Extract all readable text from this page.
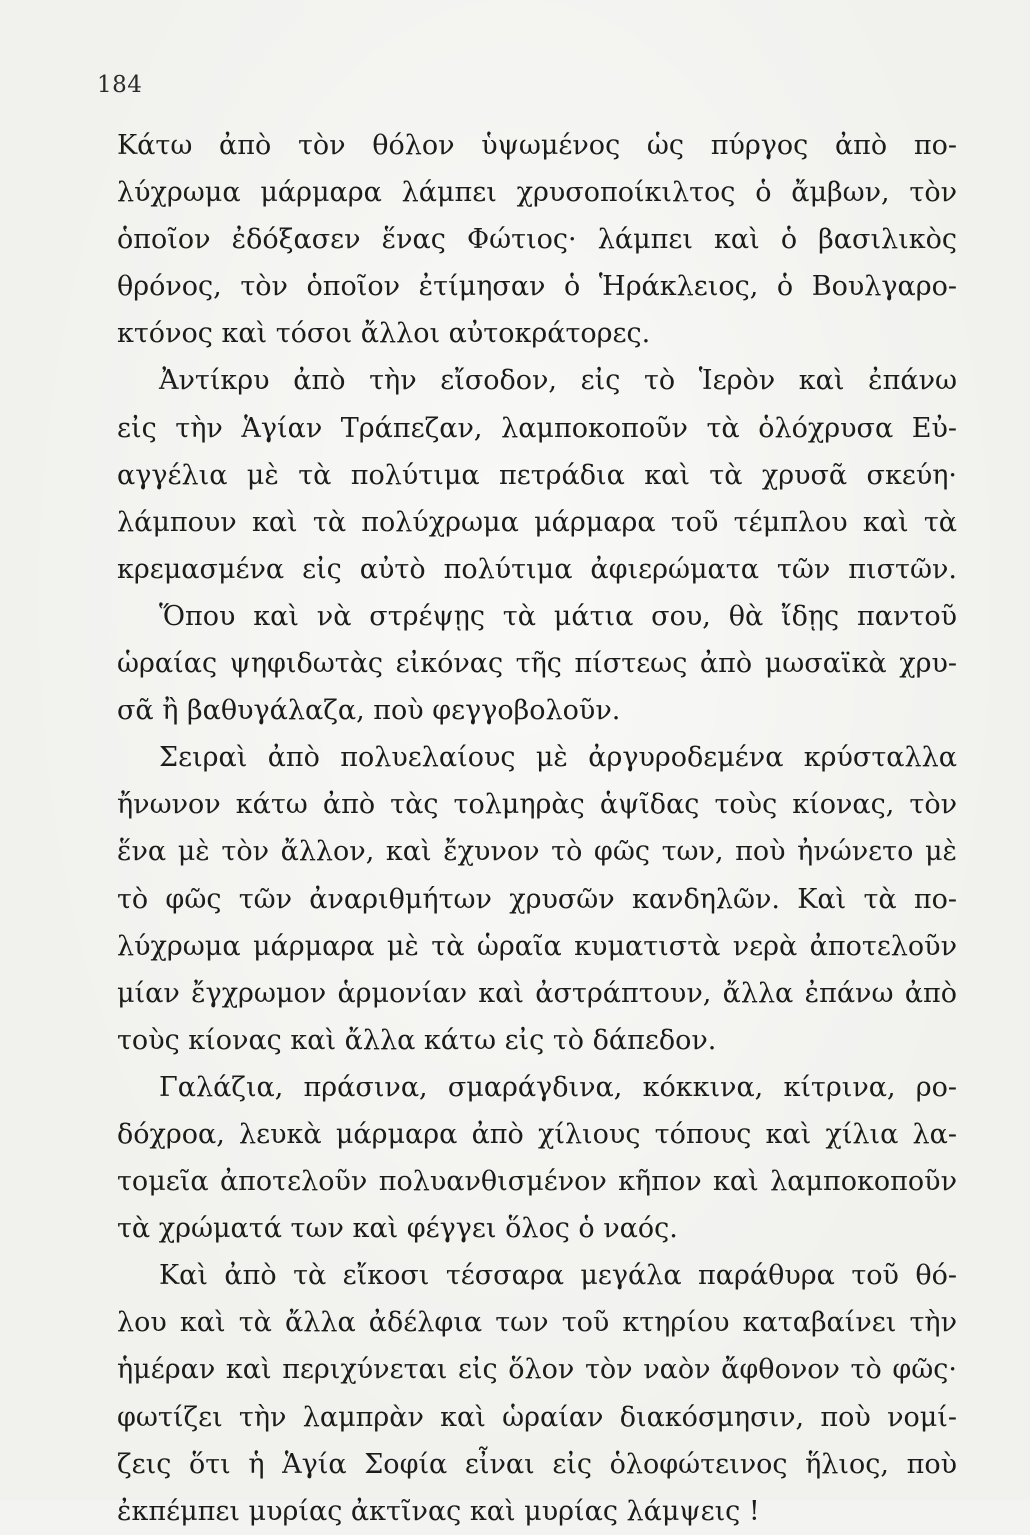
184
Κάτω ἀπὸ τὸν θόλον ὑψωμένος ὡς πύργος ἀπὸ πο-
λύχρωμα μάρμαρα λάμπει χρυσοποίκιλτος ὁ ἄμβων, τὸν
ὁποῖον ἐδόξασεν ἕνας Φώτιος· λάμπει καὶ ὁ βασιλικὸς
θρόνος, τὸν ὁποῖον ἐτίμησαν ὁ Ἡράκλειος, ὁ Βουλγαρο-
κτόνος καὶ τόσοι ἄλλοι αὐτοκράτορες.
Ἀντίκρυ ἀπὸ τὴν εἴσοδον, εἰς τὸ Ἱερὸν καὶ ἐπάνω
εἰς τὴν Ἁγίαν Τράπεζαν, λαμποκοποῦν τὰ ὁλόχρυσα Εὐ-
αγγέλια μὲ τὰ πολύτιμα πετράδια καὶ τὰ χρυσᾶ σκεύη·
λάμπουν καὶ τὰ πολύχρωμα μάρμαρα τοῦ τέμπλου καὶ τὰ
κρεμασμένα εἰς αὐτὸ πολύτιμα ἀφιερώματα τῶν πιστῶν.
Ὅπου καὶ νὰ στρέψῃς τὰ μάτια σου, θὰ ἴδῃς παντοῦ
ὡραίας ψηφιδωτὰς εἰκόνας τῆς πίστεως ἀπὸ μωσαϊκὰ χρυ-
σᾶ ἢ βαθυγάλαζα, ποὺ φεγγοβολοῦν.
Σειραὶ ἀπὸ πολυελαίους μὲ ἀργυροδεμένα κρύσταλλα
ἤνωνον κάτω ἀπὸ τὰς τολμηρὰς ἁψῖδας τοὺς κίονας, τὸν
ἕνα μὲ τὸν ἄλλον, καὶ ἔχυνον τὸ φῶς των, ποὺ ἠνώνετο μὲ
τὸ φῶς τῶν ἀναριθμήτων χρυσῶν κανδηλῶν. Καὶ τὰ πο-
λύχρωμα μάρμαρα μὲ τὰ ὡραῖα κυματιστὰ νερὰ ἀποτελοῦν
μίαν ἔγχρωμον ἁρμονίαν καὶ ἀστράπτουν, ἄλλα ἐπάνω ἀπὸ
τοὺς κίονας καὶ ἄλλα κάτω εἰς τὸ δάπεδον.
Γαλάζια, πράσινα, σμαράγδινα, κόκκινα, κίτρινα, ρο-
δόχροα, λευκὰ μάρμαρα ἀπὸ χίλιους τόπους καὶ χίλια λα-
τομεῖα ἀποτελοῦν πολυανθισμένον κῆπον καὶ λαμποκοποῦν
τὰ χρώματά των καὶ φέγγει ὅλος ὁ ναός.
Καὶ ἀπὸ τὰ εἴκοσι τέσσαρα μεγάλα παράθυρα τοῦ θό-
λου καὶ τὰ ἄλλα ἀδέλφια των τοῦ κτηρίου καταβαίνει τὴν
ἡμέραν καὶ περιχύνεται εἰς ὅλον τὸν ναὸν ἄφθονον τὸ φῶς·
φωτίζει τὴν λαμπρὰν καὶ ὡραίαν διακόσμησιν, ποὺ νομί-
ζεις ὅτι ἡ Ἁγία Σοφία εἶναι εἰς ὁλοφώτεινος ἥλιος, ποὺ
ἐκπέμπει μυρίας ἀκτῖνας καὶ μυρίας λάμψεις !
